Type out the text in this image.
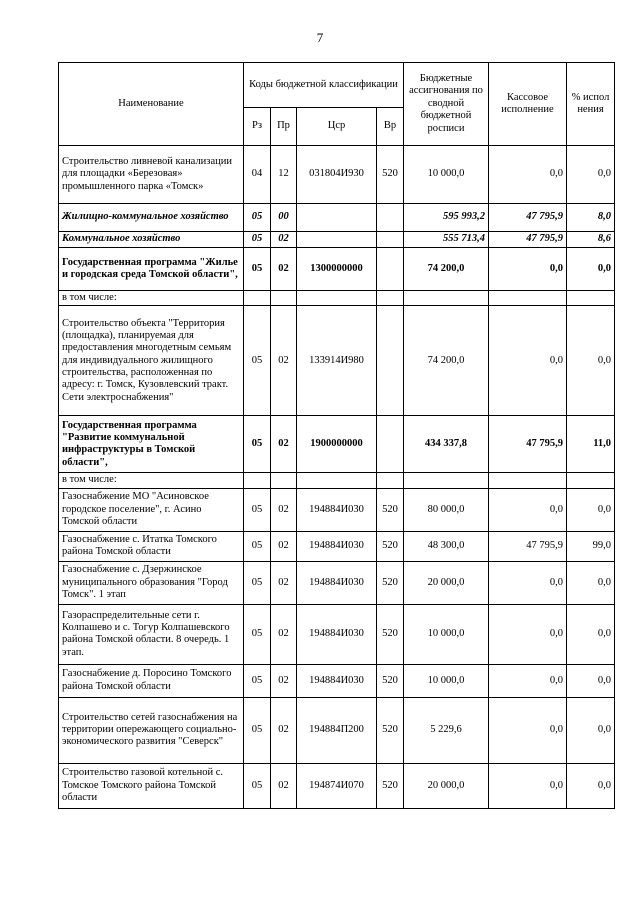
7
Наименование	Коды бюджетной классификации				Бюджетные ассигнования по сводной бюджетной росписи	Кассовое исполнение	% испол нения
	Рз	Пр	Цср	Вр			
Строительство ливневой канализации для площадки «Березовая» промышленного парка «Томск»	04	12	031804И930	520	10 000,0	0,0	0,0
Жилищно-коммунальное хозяйство	05	00			595 993,2	47 795,9	8,0
Коммунальное хозяйство	05	02			555 713,4	47 795,9	8,6
Государственная программа "Жилье и городская среда Томской области",	05	02	1300000000		74 200,0	0,0	0,0
в том числе:							
Строительство объекта "Территория (площадка), планируемая для предоставления многодетным семьям для индивидуального жилищного строительства, расположенная по адресу: г. Томск, Кузовлевский тракт. Сети электроснабжения"	05	02	133914И980		74 200,0	0,0	0,0
Государственная программа "Развитие коммунальной инфраструктуры в Томской области",	05	02	1900000000		434 337,8	47 795,9	11,0
в том числе:							
Газоснабжение МО "Асиновское городское поселение", г. Асино Томской области	05	02	194884И030	520	80 000,0	0,0	0,0
Газоснабжение с. Итатка Томского района Томской области	05	02	194884И030	520	48 300,0	47 795,9	99,0
Газоснабжение с. Дзержинское муниципального образования "Город Томск". 1 этап	05	02	194884И030	520	20 000,0	0,0	0,0
Газораспределительные сети г. Колпашево и с. Тогур Колпашевского района Томской области. 8 очередь. 1 этап.	05	02	194884И030	520	10 000,0	0,0	0,0
Газоснабжение д. Поросино Томского района Томской области	05	02	194884И030	520	10 000,0	0,0	0,0
Строительство сетей газоснабжения на территории опережающего социально-экономического развития "Северск"	05	02	194884П200	520	5 229,6	0,0	0,0
Строительство газовой котельной с. Томское Томского района Томской области	05	02	194874И070	520	20 000,0	0,0	0,0
